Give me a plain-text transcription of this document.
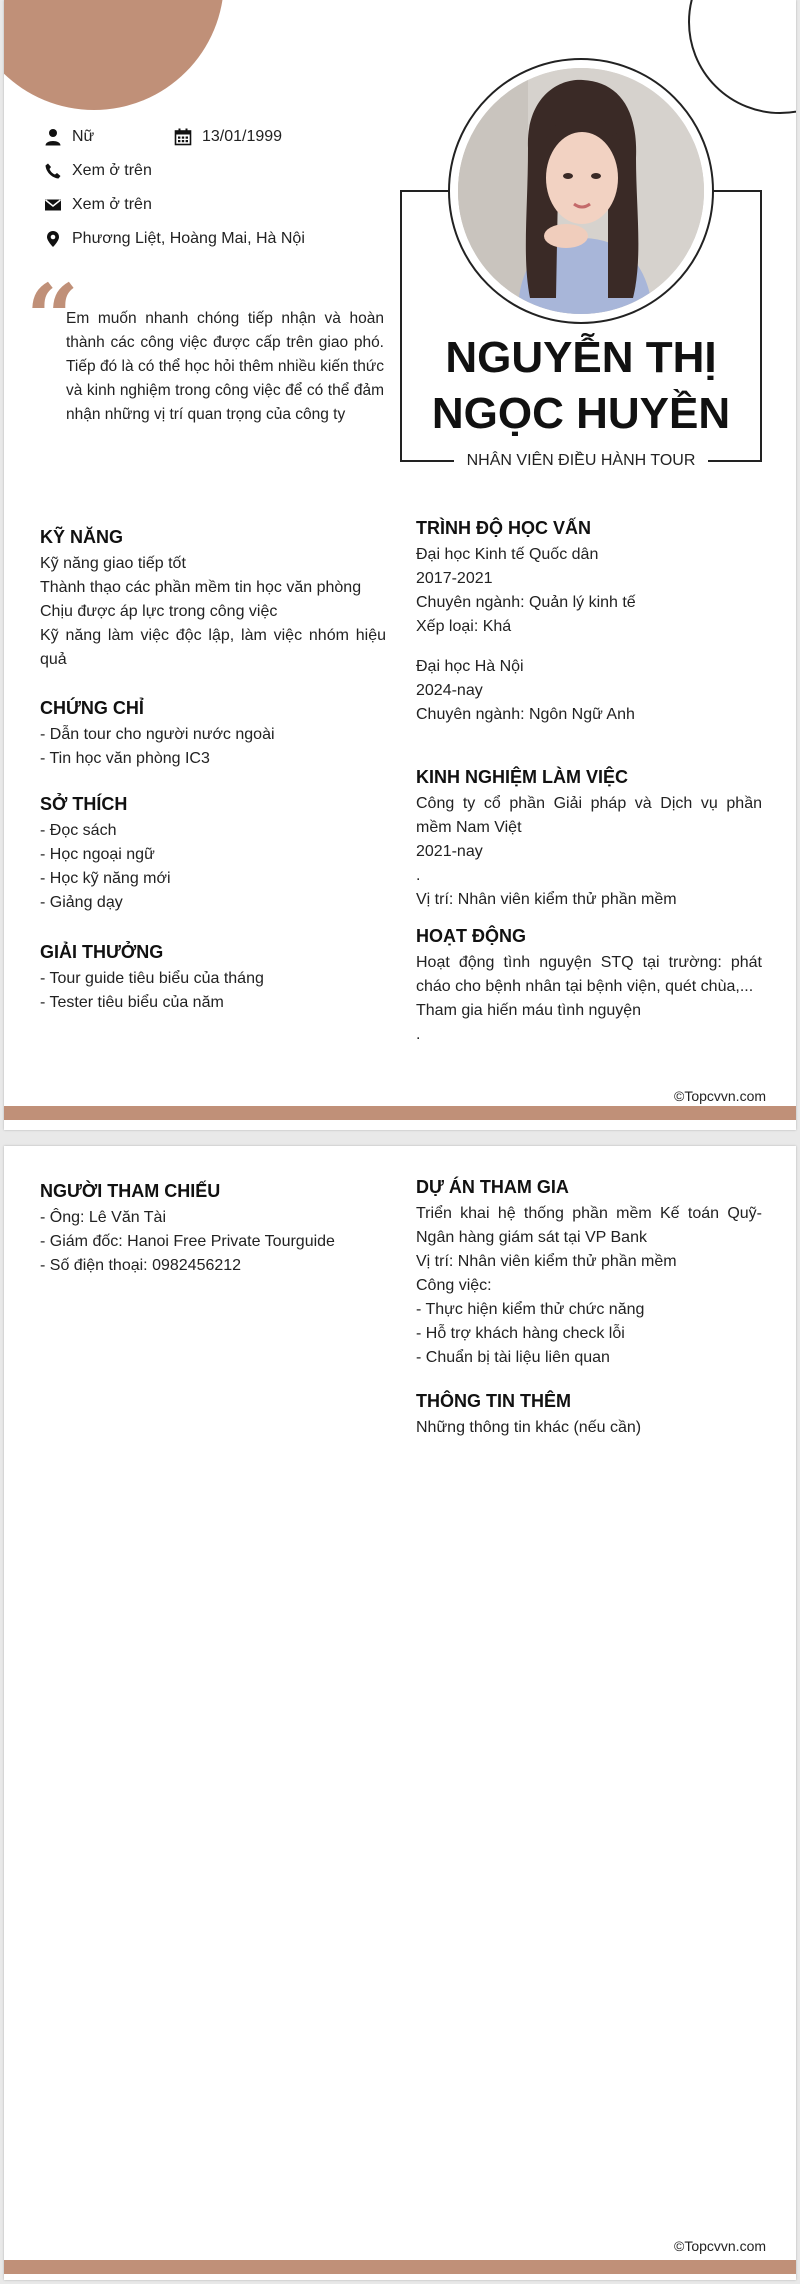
Nữ	13/01/1999
Xem ở trên
Xem ở trên
Phương Liệt, Hoàng Mai, Hà Nội
“
Em muốn nhanh chóng tiếp nhận và hoàn thành các công việc được cấp trên giao phó. Tiếp đó là có thể học hỏi thêm nhiều kiến thức và kinh nghiệm trong công việc để có thể đảm nhận những vị trí quan trọng của công ty
NGUYỄN THỊ
NGỌC HUYỀN
NHÂN VIÊN ĐIỀU HÀNH TOUR
KỸ NĂNG
Kỹ năng giao tiếp tốt
Thành thạo các phần mềm tin học văn phòng
Chịu được áp lực trong công việc
Kỹ năng làm việc độc lập, làm việc nhóm hiệu quả
CHỨNG CHỈ
- Dẫn tour cho người nước ngoài
- Tin học văn phòng IC3
SỞ THÍCH
- Đọc sách
- Học ngoại ngữ
- Học kỹ năng mới
- Giảng dạy
GIẢI THƯỞNG
- Tour guide tiêu biểu của tháng
- Tester tiêu biểu của năm
TRÌNH ĐỘ HỌC VẤN
Đại học Kinh tế Quốc dân
2017-2021
Chuyên ngành: Quản lý kinh tế
Xếp loại: Khá
Đại học Hà Nội
2024-nay
Chuyên ngành: Ngôn Ngữ Anh
KINH NGHIỆM LÀM VIỆC
Công ty cổ phần Giải pháp và Dịch vụ phần mềm Nam Việt
2021-nay
.
Vị trí: Nhân viên kiểm thử phần mềm
HOẠT ĐỘNG
Hoạt động tình nguyện STQ tại trường: phát cháo cho bệnh nhân tại bệnh viện, quét chùa,...
Tham gia hiến máu tình nguyện
.
©Topcvvn.com
NGƯỜI THAM CHIẾU
- Ông: Lê Văn Tài
- Giám đốc: Hanoi Free Private Tourguide
- Số điện thoại: 0982456212
DỰ ÁN THAM GIA
Triển khai hệ thống phần mềm Kế toán Quỹ- Ngân hàng giám sát tại VP Bank
Vị trí: Nhân viên kiểm thử phần mềm
Công việc:
- Thực hiện kiểm thử chức năng
- Hỗ trợ khách hàng check lỗi
- Chuẩn bị tài liệu liên quan
THÔNG TIN THÊM
Những thông tin khác (nếu cần)
©Topcvvn.com
